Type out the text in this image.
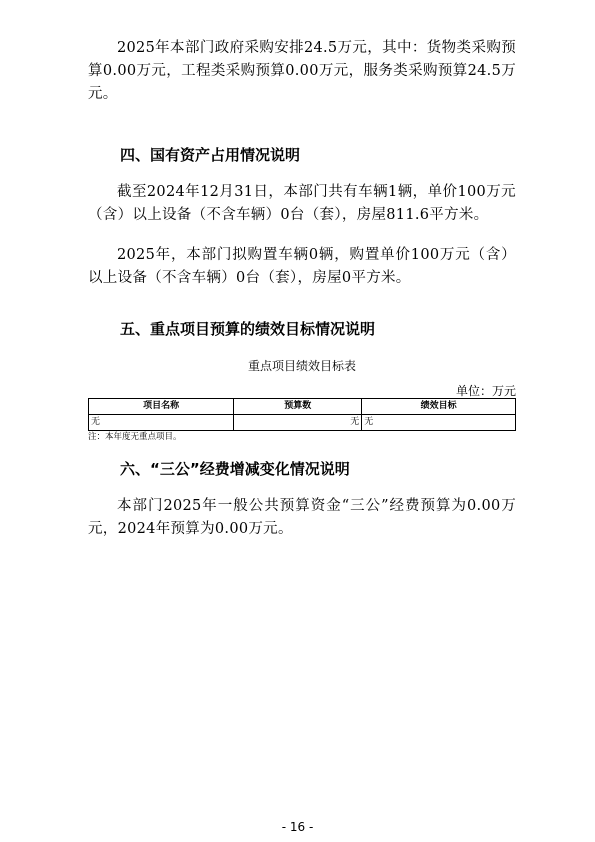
2025年本部门政府采购安排24.5万元，其中：货物类采购预算0.00万元，工程类采购预算0.00万元，服务类采购预算24.5万元。

四、国有资产占用情况说明

截至2024年12月31日，本部门共有车辆1辆，单价100万元（含）以上设备（不含车辆）0台（套），房屋811.6平方米。

2025年，本部门拟购置车辆0辆，购置单价100万元（含）以上设备（不含车辆）0台（套），房屋0平方米。

五、重点项目预算的绩效目标情况说明
重点项目绩效目标表
单位：万元
项目名称	预算数	绩效目标
无	无	无
注：本年度无重点项目。
六、“三公”经费增减变化情况说明

本部门2025年一般公共预算资金“三公”经费预算为0.00万元，2024年预算为0.00万元。

- 16 -
